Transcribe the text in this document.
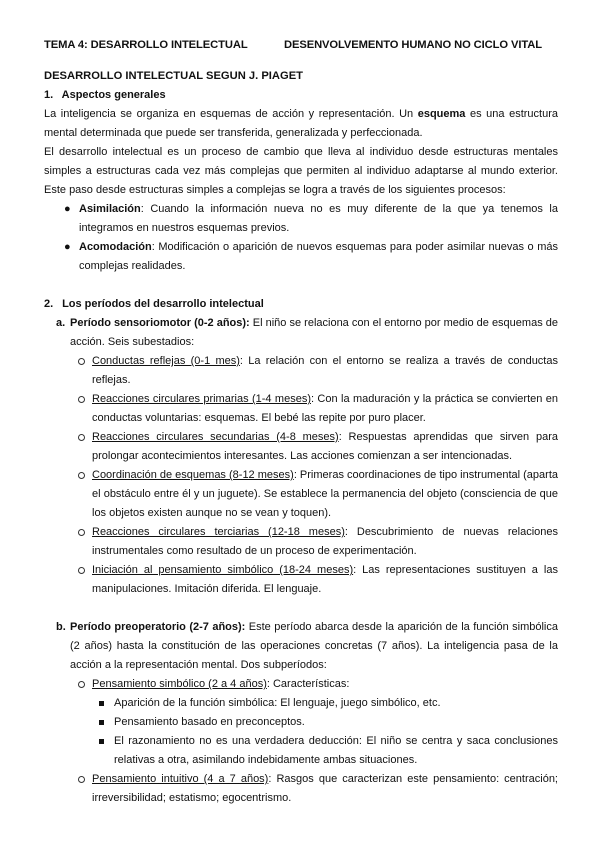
TEMA 4: DESARROLLO INTELECTUAL	DESENVOLVEMENTO HUMANO NO CICLO VITAL
DESARROLLO INTELECTUAL SEGUN J. PIAGET
1. Aspectos generales

La inteligencia se organiza en esquemas de acción y representación. Un esquema es una estructura mental determinada que puede ser transferida, generalizada y perfeccionada.

El desarrollo intelectual es un proceso de cambio que lleva al individuo desde estructuras mentales simples a estructuras cada vez más complejas que permiten al individuo adaptarse al mundo exterior. Este paso desde estructuras simples a complejas se logra a través de los siguientes procesos:

● Asimilación: Cuando la información nueva no es muy diferente de la que ya tenemos la integramos en nuestros esquemas previos.
● Acomodación: Modificación o aparición de nuevos esquemas para poder asimilar nuevas o más complejas realidades.
2. Los períodos del desarrollo intelectual
a. Período sensoriomotor (0-2 años): El niño se relaciona con el entorno por medio de esquemas de acción. Seis subestadios:
Conductas reflejas (0-1 mes): La relación con el entorno se realiza a través de conductas reflejas.
Reacciones circulares primarias (1-4 meses): Con la maduración y la práctica se convierten en conductas voluntarias: esquemas. El bebé las repite por puro placer.
Reacciones circulares secundarias (4-8 meses): Respuestas aprendidas que sirven para prolongar acontecimientos interesantes. Las acciones comienzan a ser intencionadas.
Coordinación de esquemas (8-12 meses): Primeras coordinaciones de tipo instrumental (aparta el obstáculo entre él y un juguete). Se establece la permanencia del objeto (consciencia de que los objetos existen aunque no se vean y toquen).
Reacciones circulares terciarias (12-18 meses): Descubrimiento de nuevas relaciones instrumentales como resultado de un proceso de experimentación.
Iniciación al pensamiento simbólico (18-24 meses): Las representaciones sustituyen a las manipulaciones. Imitación diferida. El lenguaje.
b. Período preoperatorio (2-7 años): Este período abarca desde la aparición de la función simbólica (2 años) hasta la constitución de las operaciones concretas (7 años). La inteligencia pasa de la acción a la representación mental. Dos subperíodos:
Pensamiento simbólico (2 a 4 años): Características:
Aparición de la función simbólica: El lenguaje, juego simbólico, etc.
Pensamiento basado en preconceptos.
El razonamiento no es una verdadera deducción: El niño se centra y saca conclusiones relativas a otra, asimilando indebidamente ambas situaciones.
Pensamiento intuitivo (4 a 7 años): Rasgos que caracterizan este pensamiento: centración; irreversibilidad; estatismo; egocentrismo.
